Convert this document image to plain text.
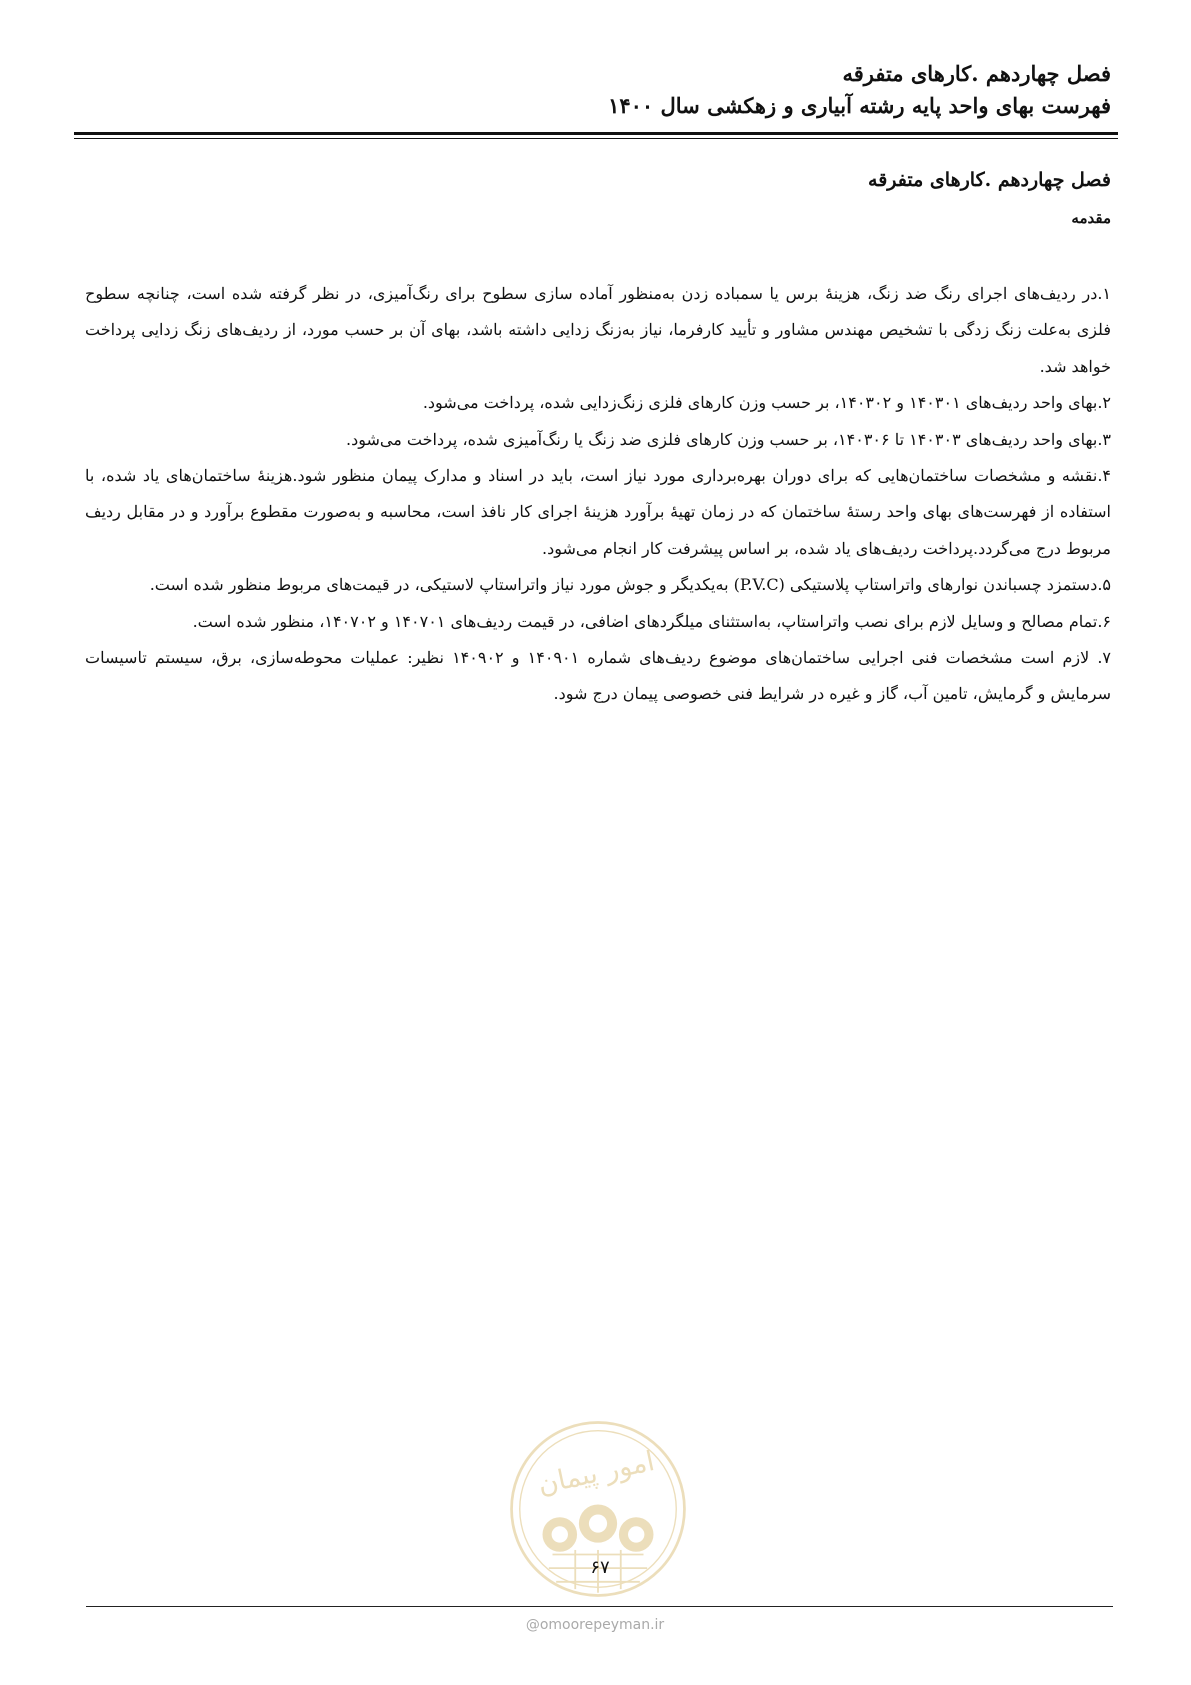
فصل چهاردهم .کارهای متفرقه
فهرست بهای واحد پایه رشته آبیاری و زهکشی سال ۱۴۰۰
فصل چهاردهم .کارهای متفرقه
مقدمه

۱.در ردیف‌های اجرای رنگ ضد زنگ، هزینهٔ برس یا سمباده زدن به‌منظور آماده سازی سطوح برای رنگ‌آمیزی، در نظر گرفته شده است، چنانچه سطوح فلزی به‌علت زنگ زدگی با تشخیص مهندس مشاور و تأیید کارفرما، نیاز به‌زنگ زدایی داشته باشد، بهای آن بر حسب مورد، از ردیف‌های زنگ زدایی پرداخت خواهد شد.

۲.بهای واحد ردیف‌های ۱۴۰۳۰۱ و ۱۴۰۳۰۲، بر حسب وزن کارهای فلزی زنگ‌زدایی شده، پرداخت می‌شود.

۳.بهای واحد ردیف‌های ۱۴۰۳۰۳ تا ۱۴۰۳۰۶، بر حسب وزن کارهای فلزی ضد زنگ یا رنگ‌آمیزی شده، پرداخت می‌شود.

۴.نقشه و مشخصات ساختمان‌هایی که برای دوران بهره‌برداری مورد نیاز است، باید در اسناد و مدارک پیمان منظور شود.هزینهٔ ساختمان‌های یاد شده، با استفاده از فهرست‌های بهای واحد رستهٔ ساختمان که در زمان تهیهٔ برآورد هزینهٔ اجرای کار نافذ است، محاسبه و به‌صورت مقطوع برآورد و در مقابل ردیف مربوط درج می‌گردد.پرداخت ردیف‌های یاد شده، بر اساس پیشرفت کار انجام می‌شود.

۵.دستمزد چسباندن نوارهای واتراستاپ پلاستیکی (P.V.C) به‌یکدیگر و جوش مورد نیاز واتراستاپ لاستیکی، در قیمت‌های مربوط منظور شده است.

۶.تمام مصالح و وسایل لازم برای نصب واتراستاپ، به‌استثنای میلگردهای اضافی، در قیمت ردیف‌های ۱۴۰۷۰۱ و ۱۴۰۷۰۲، منظور شده است.

۷. لازم است مشخصات فنی اجرایی ساختمان‌های موضوع ردیف‌های شماره ۱۴۰۹۰۱ و ۱۴۰۹۰۲ نظیر: عملیات محوطه‌سازی، برق، سیستم تاسیسات سرمایش و گرمایش، تامین آب، گاز و غیره در شرایط فنی خصوصی پیمان درج شود.

امور پیمان
۶۷
@omoorepeyman.ir
